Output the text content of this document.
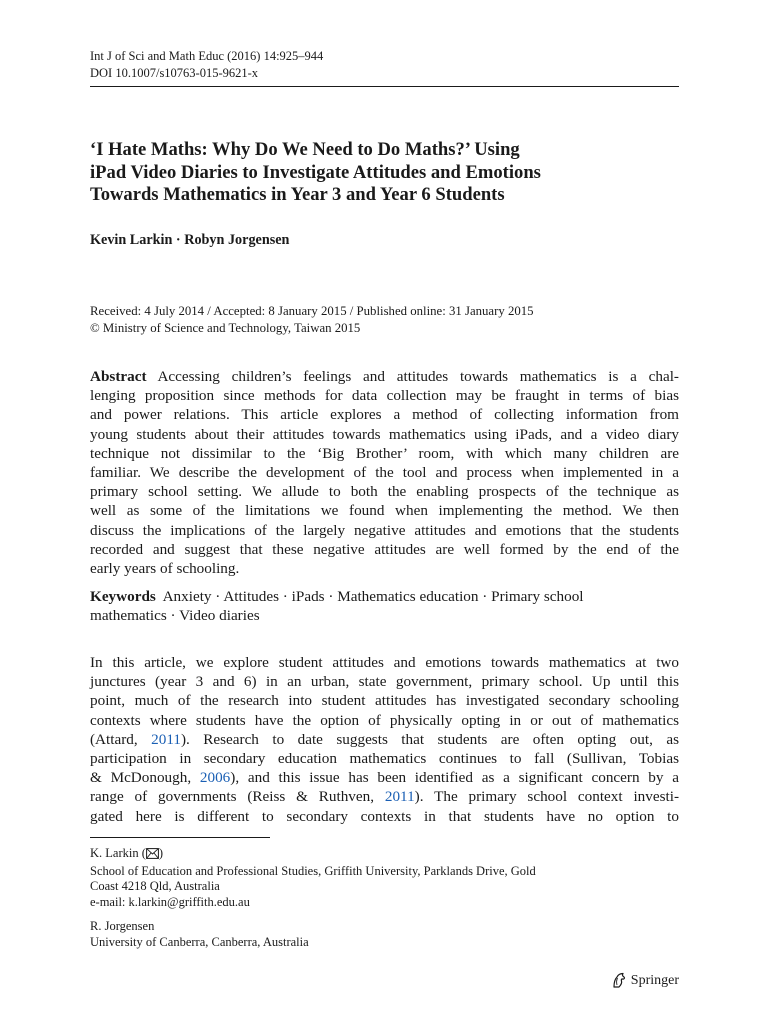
Int J of Sci and Math Educ (2016) 14:925–944
DOI 10.1007/s10763-015-9621-x
‘I Hate Maths: Why Do We Need to Do Maths?’ Using
iPad Video Diaries to Investigate Attitudes and Emotions
Towards Mathematics in Year 3 and Year 6 Students
Kevin Larkin · Robyn Jorgensen
Received: 4 July 2014 / Accepted: 8 January 2015 / Published online: 31 January 2015
© Ministry of Science and Technology, Taiwan 2015
Abstract Accessing children’s feelings and attitudes towards mathematics is a chal-
lenging proposition since methods for data collection may be fraught in terms of bias
and power relations. This article explores a method of collecting information from
young students about their attitudes towards mathematics using iPads, and a video diary
technique not dissimilar to the ‘Big Brother’ room, with which many children are
familiar. We describe the development of the tool and process when implemented in a
primary school setting. We allude to both the enabling prospects of the technique as
well as some of the limitations we found when implementing the method. We then
discuss the implications of the largely negative attitudes and emotions that the students
recorded and suggest that these negative attitudes are well formed by the end of the
early years of schooling.
Keywords Anxiety · Attitudes · iPads · Mathematics education · Primary school
mathematics · Video diaries
In this article, we explore student attitudes and emotions towards mathematics at two
junctures (year 3 and 6) in an urban, state government, primary school. Up until this
point, much of the research into student attitudes has investigated secondary schooling
contexts where students have the option of physically opting in or out of mathematics
(Attard, 2011). Research to date suggests that students are often opting out, as
participation in secondary education mathematics continues to fall (Sullivan, Tobias
& McDonough, 2006), and this issue has been identified as a significant concern by a
range of governments (Reiss & Ruthven, 2011). The primary school context investi-
gated here is different to secondary contexts in that students have no option to
K. Larkin ( )
School of Education and Professional Studies, Griffith University, Parklands Drive, Gold
Coast 4218 Qld, Australia
e-mail: k.larkin@griffith.edu.au
R. Jorgensen
University of Canberra, Canberra, Australia
Springer
